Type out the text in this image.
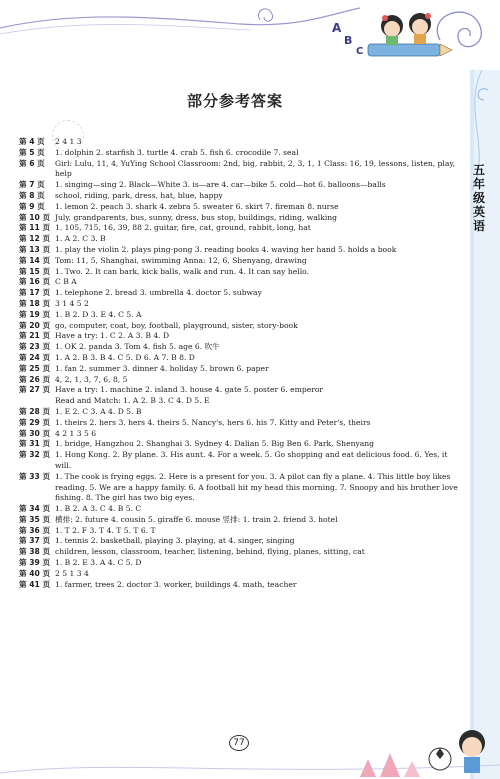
A
B
C
五年级英语
部分参考答案
第 4 页	2 4 1 3
第 5 页	1. dolphin 2. starfish 3. turtle 4. crab 5. fish 6. crocodile 7. seal
第 6 页	Girl: Lulu, 11, 4, YuYing School Classroom: 2nd, big, rabbit, 2, 3, 1, 1 Class: 16, 19, lessons, listen, play, help
第 7 页	1. singing—sing 2. Black—White 3. is—are 4. car—bike 5. cold—hot 6. balloons—balls
第 8 页	school, riding, park, dress, hat, blue, happy
第 9 页	1. lemon 2. peach 3. shark 4. zebra 5. sweater 6. skirt 7. fireman 8. nurse
第 10 页 July, grandparents, bus, sunny, dress, bus stop, buildings, riding, walking
第 11 页 1. 105, 715, 16, 39, 88 2. guitar, fire, cat, ground, rabbit, long, hat
第 12 页 1. A 2. C 3. B
第 13 页 1. play the violin 2. plays ping-pong 3. reading books 4. waving her hand 5. holds a book
第 14 页 Tom: 11, 5, Shanghai, swimming Anna: 12, 6, Shenyang, drawing
第 15 页 1. Two. 2. It can bark, kick balls, walk and run. 4. It can say hello.
第 16 页 C B A
第 17 页 1. telephone 2. bread 3. umbrella 4. doctor 5. subway
第 18 页 3 1 4 5 2
第 19 页 1. B 2. D 3. E 4. C 5. A
第 20 页 go, computer, coat, boy, football, playground, sister, story-book
第 21 页 Have a try: 1. C 2. A 3. B 4. D
第 23 页 1. OK 2. panda 3. Tom 4. fish 5. age 6. 吹牛
第 24 页 1. A 2. B 3. B 4. C 5. D 6. A 7. B 8. D
第 25 页 1. fan 2. summer 3. dinner 4. holiday 5. brown 6. paper
第 26 页 4, 2, 1, 3, 7, 6, 8, 5
第 27 页 Have a try: 1. machine 2. island 3. house 4. gate 5. poster 6. emperor
Read and Match: 1. A 2. B 3. C 4. D 5. E
第 28 页 1. E 2. C 3. A 4. D 5. B
第 29 页 1. theirs 2. hers 3. hers 4. theirs 5. Nancy's, hers 6. his 7. Kitty and Peter's, theirs
第 30 页 4 2 1 3 5 6
第 31 页 1. bridge, Hangzhou 2. Shanghai 3. Sydney 4. Dalian 5. Big Ben 6. Park, Shenyang
第 32 页 1. Hong Kong. 2. By plane. 3. His aunt. 4. For a week. 5. Go shopping and eat delicious food. 6. Yes, it will.
第 33 页 1. The cook is frying eggs. 2. Here is a present for you. 3. A pilot can fly a plane. 4. This little boy likes reading. 5. We are a happy family. 6. A football hit my head this morning. 7. Snoopy and his brother love fishing. 8. The girl has two big eyes.
第 34 页 1. B 2. A 3. C 4. B 5. C
第 35 页 横排: 2. future 4. cousin 5. giraffe 6. mouse 竖排: 1. train 2. friend 3. hotel
第 36 页 1. T 2. F 3. T 4. T 5. T 6. T
第 37 页 1. tennis 2. basketball, playing 3. playing, at 4. singer, singing
第 38 页 children, lesson, classroom, teacher, listening, behind, flying, planes, sitting, cat
第 39 页 1. B 2. E 3. A 4. C 5. D
第 40 页 2 5 1 3 4
第 41 页 1. farmer, trees 2. doctor 3. worker, buildings 4. math, teacher
77
